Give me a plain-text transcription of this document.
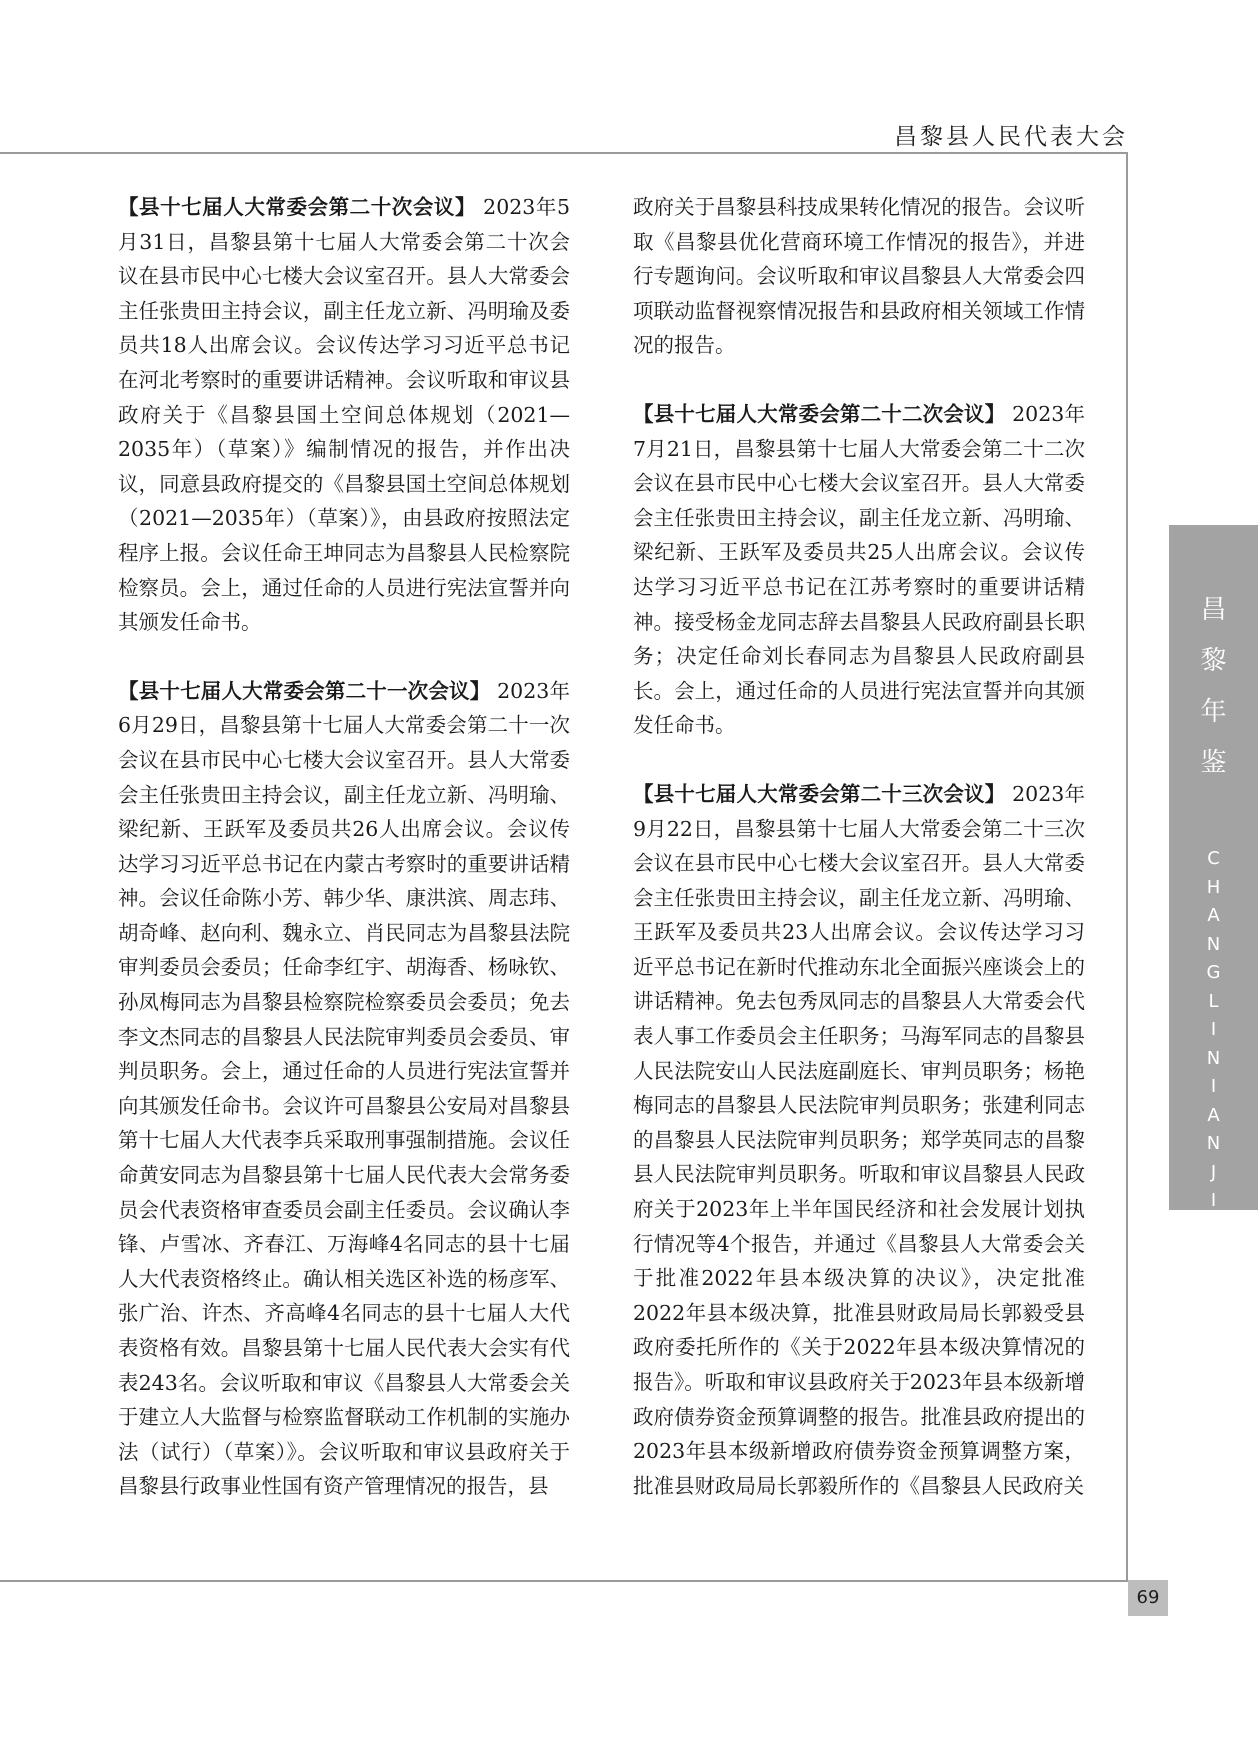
昌黎县人民代表大会

【县十七届人大常委会第二十次会议】 2023年5月31日，昌黎县第十七届人大常委会第二十次会议在县市民中心七楼大会议室召开。县人大常委会主任张贵田主持会议，副主任龙立新、冯明瑜及委员共18人出席会议。会议传达学习习近平总书记在河北考察时的重要讲话精神。会议听取和审议县政府关于《昌黎县国土空间总体规划（2021—2035年）（草案）》编制情况的报告，并作出决议，同意县政府提交的《昌黎县国土空间总体规划（2021—2035年）（草案）》，由县政府按照法定程序上报。会议任命王坤同志为昌黎县人民检察院检察员。会上，通过任命的人员进行宪法宣誓并向其颁发任命书。

【县十七届人大常委会第二十一次会议】 2023年6月29日，昌黎县第十七届人大常委会第二十一次会议在县市民中心七楼大会议室召开。县人大常委会主任张贵田主持会议，副主任龙立新、冯明瑜、梁纪新、王跃军及委员共26人出席会议。会议传达学习习近平总书记在内蒙古考察时的重要讲话精神。会议任命陈小芳、韩少华、康洪滨、周志玮、胡奇峰、赵向利、魏永立、肖民同志为昌黎县法院审判委员会委员；任命李红宇、胡海香、杨咏钦、孙凤梅同志为昌黎县检察院检察委员会委员；免去李文杰同志的昌黎县人民法院审判委员会委员、审判员职务。会上，通过任命的人员进行宪法宣誓并向其颁发任命书。会议许可昌黎县公安局对昌黎县第十七届人大代表李兵采取刑事强制措施。会议任命黄安同志为昌黎县第十七届人民代表大会常务委员会代表资格审查委员会副主任委员。会议确认李锋、卢雪冰、齐春江、万海峰4名同志的县十七届人大代表资格终止。确认相关选区补选的杨彦军、张广治、许杰、齐高峰4名同志的县十七届人大代表资格有效。昌黎县第十七届人民代表大会实有代表243名。会议听取和审议《昌黎县人大常委会关于建立人大监督与检察监督联动工作机制的实施办法（试行）（草案）》。会议听取和审议县政府关于昌黎县行政事业性国有资产管理情况的报告，县

政府关于昌黎县科技成果转化情况的报告。会议听取《昌黎县优化营商环境工作情况的报告》，并进行专题询问。会议听取和审议昌黎县人大常委会四项联动监督视察情况报告和县政府相关领域工作情况的报告。

【县十七届人大常委会第二十二次会议】 2023年7月21日，昌黎县第十七届人大常委会第二十二次会议在县市民中心七楼大会议室召开。县人大常委会主任张贵田主持会议，副主任龙立新、冯明瑜、梁纪新、王跃军及委员共25人出席会议。会议传达学习习近平总书记在江苏考察时的重要讲话精神。接受杨金龙同志辞去昌黎县人民政府副县长职务；决定任命刘长春同志为昌黎县人民政府副县长。会上，通过任命的人员进行宪法宣誓并向其颁发任命书。

【县十七届人大常委会第二十三次会议】 2023年9月22日，昌黎县第十七届人大常委会第二十三次会议在县市民中心七楼大会议室召开。县人大常委会主任张贵田主持会议，副主任龙立新、冯明瑜、王跃军及委员共23人出席会议。会议传达学习习近平总书记在新时代推动东北全面振兴座谈会上的讲话精神。免去包秀凤同志的昌黎县人大常委会代表人事工作委员会主任职务；马海军同志的昌黎县人民法院安山人民法庭副庭长、审判员职务；杨艳梅同志的昌黎县人民法院审判员职务；张建利同志的昌黎县人民法院审判员职务；郑学英同志的昌黎县人民法院审判员职务。听取和审议昌黎县人民政府关于2023年上半年国民经济和社会发展计划执行情况等4个报告，并通过《昌黎县人大常委会关于批准2022年县本级决算的决议》，决定批准2022年县本级决算，批准县财政局局长郭毅受县政府委托所作的《关于2022年县本级决算情况的报告》。听取和审议县政府关于2023年县本级新增政府债券资金预算调整的报告。批准县政府提出的2023年县本级新增政府债券资金预算调整方案，批准县财政局局长郭毅所作的《昌黎县人民政府关

昌
黎
年
鉴
C
H
A
N
G
L
I
N
I
A
N
J
I
A
N
69
